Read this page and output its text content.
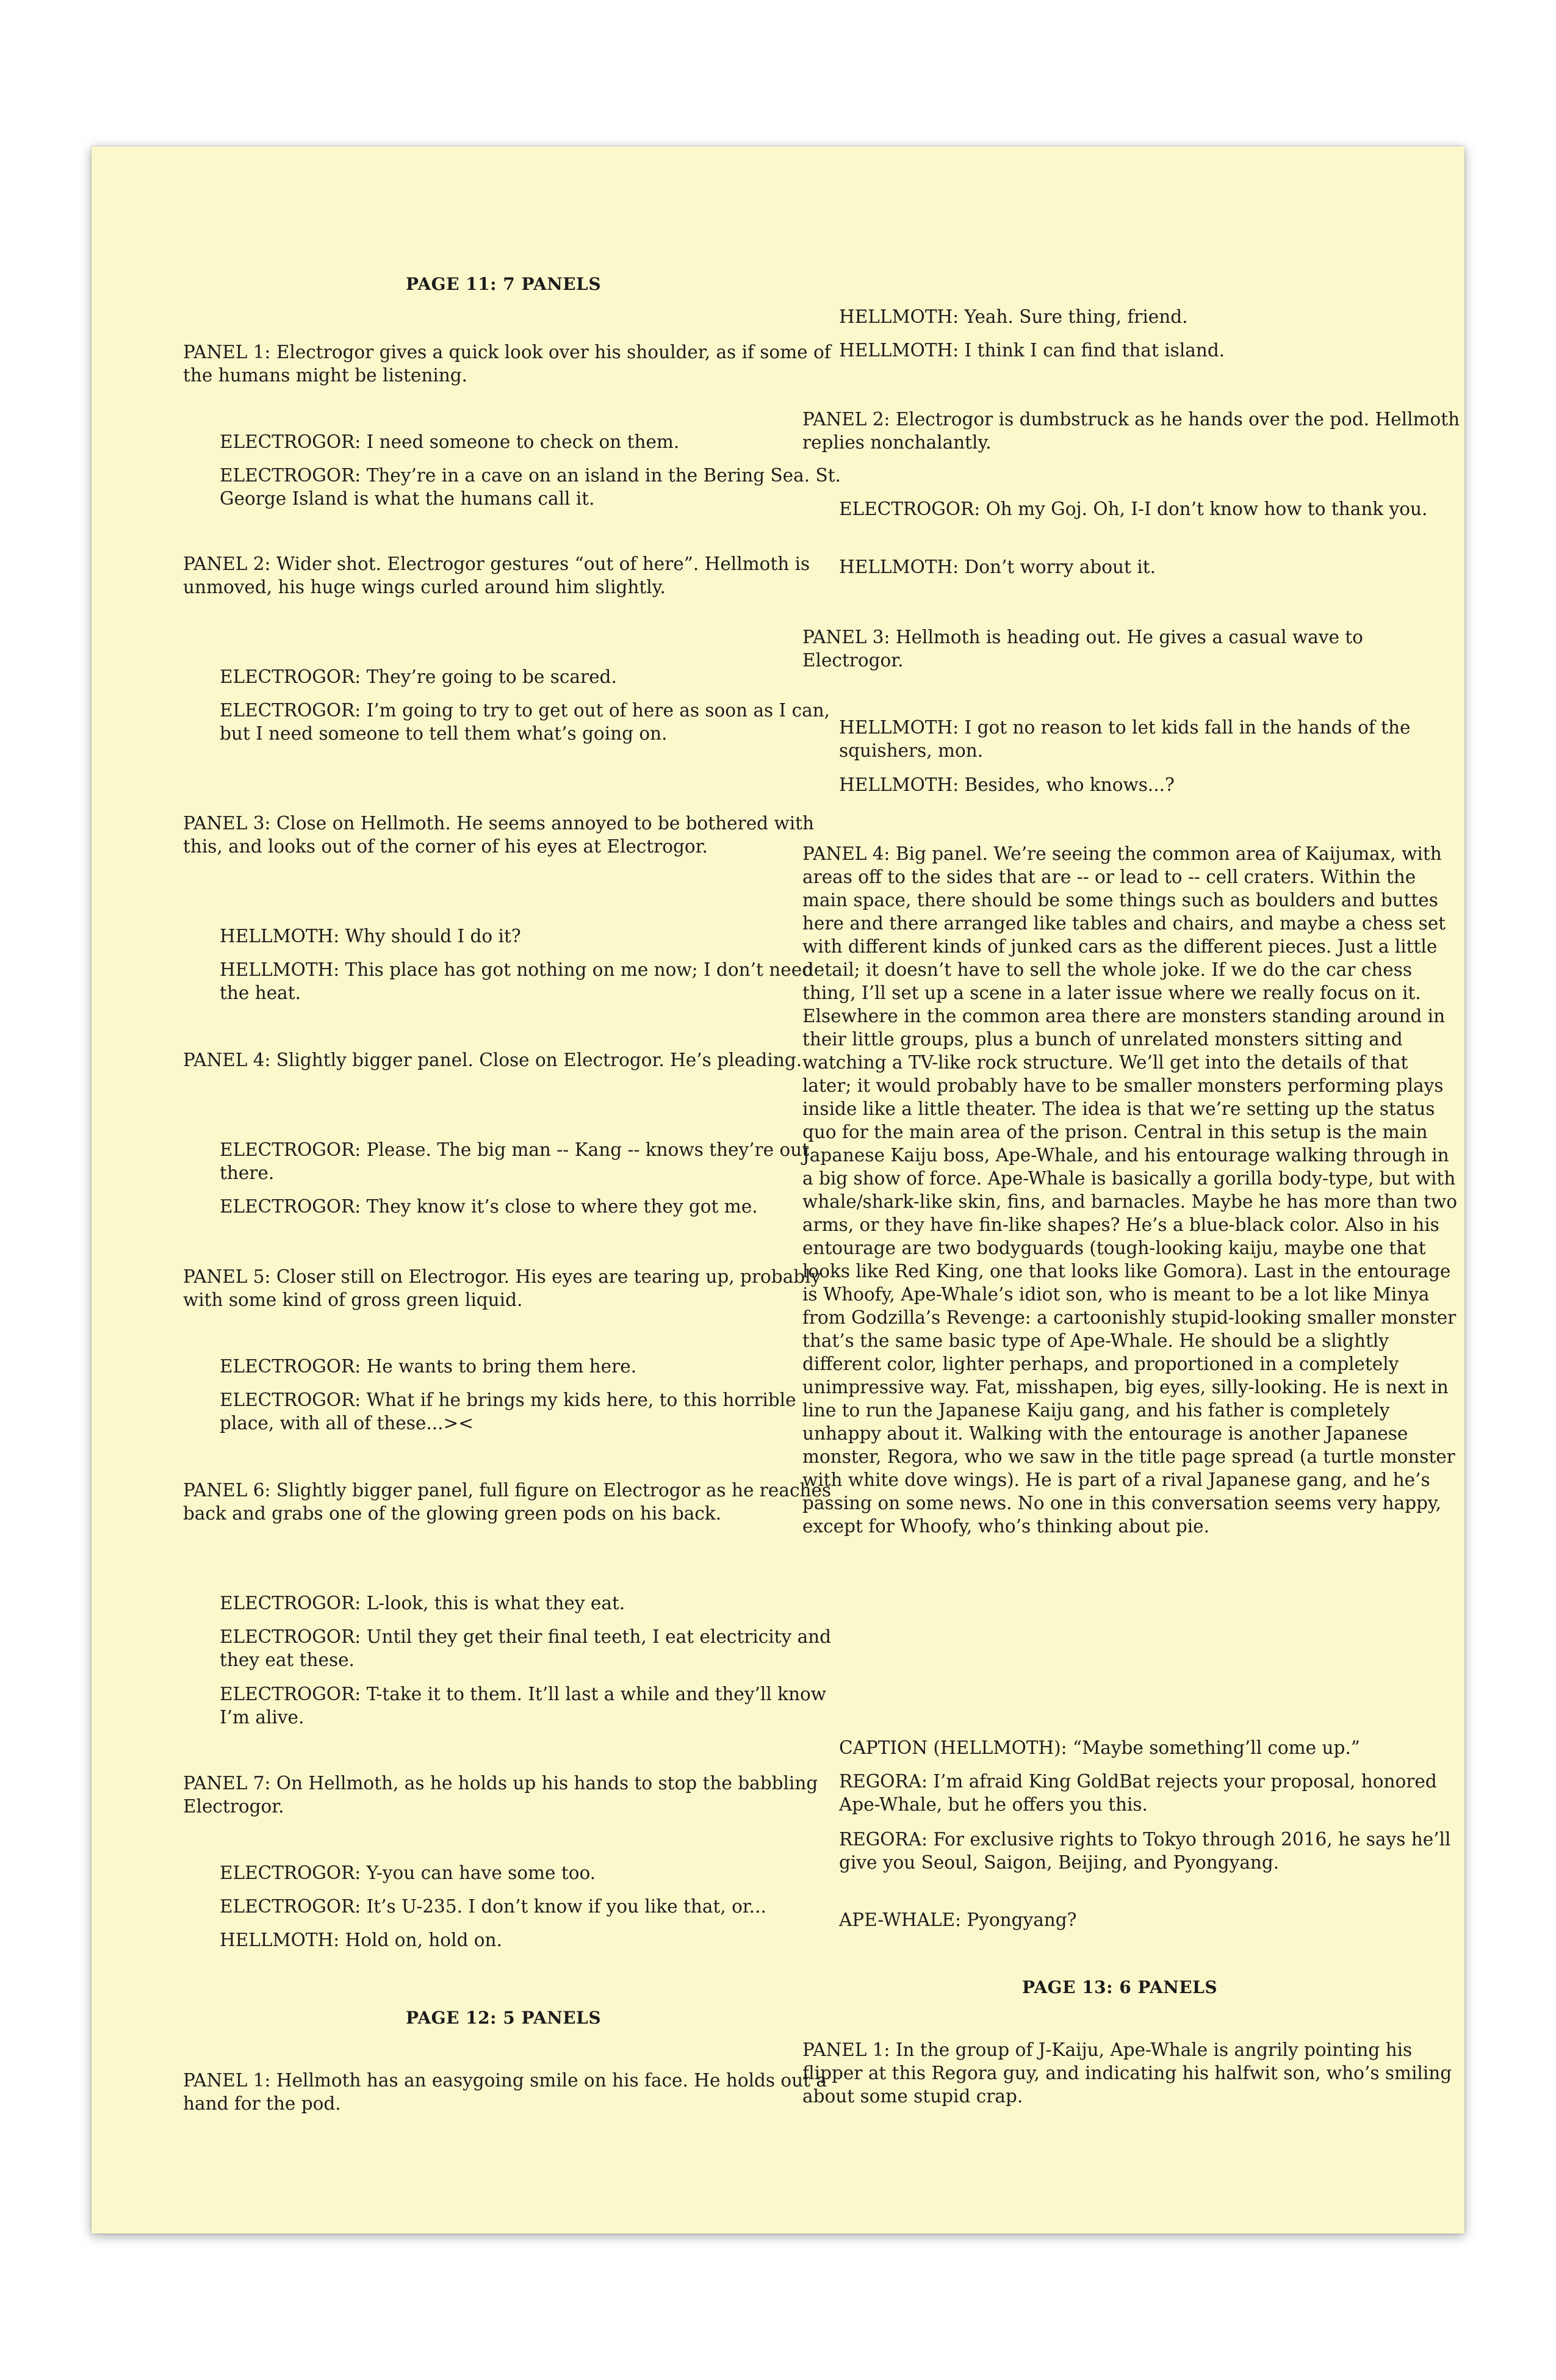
PAGE 11: 7 PANELS

PANEL 1: Electrogor gives a quick look over his shoulder, as if some of the humans might be listening.

ELECTROGOR: I need someone to check on them.

ELECTROGOR: They’re in a cave on an island in the Bering Sea. St. George Island is what the humans call it.

PANEL 2: Wider shot. Electrogor gestures “out of here”. Hellmoth is unmoved, his huge wings curled around him slightly.

ELECTROGOR: They’re going to be scared.

ELECTROGOR: I’m going to try to get out of here as soon as I can, but I need someone to tell them what’s going on.

PANEL 3: Close on Hellmoth. He seems annoyed to be bothered with this, and looks out of the corner of his eyes at Electrogor.

HELLMOTH: Why should I do it?

HELLMOTH: This place has got nothing on me now; I don’t need the heat.

PANEL 4: Slightly bigger panel. Close on Electrogor. He’s pleading.

ELECTROGOR: Please. The big man -- Kang -- knows they’re out there.

ELECTROGOR: They know it’s close to where they got me.

PANEL 5: Closer still on Electrogor. His eyes are tearing up, probably with some kind of gross green liquid.

ELECTROGOR: He wants to bring them here.

ELECTROGOR: What if he brings my kids here, to this horrible place, with all of these...><

PANEL 6: Slightly bigger panel, full figure on Electrogor as he reaches back and grabs one of the glowing green pods on his back.

ELECTROGOR: L-look, this is what they eat.

ELECTROGOR: Until they get their final teeth, I eat electricity and they eat these.

ELECTROGOR: T-take it to them. It’ll last a while and they’ll know I’m alive.

PANEL 7: On Hellmoth, as he holds up his hands to stop the babbling Electrogor.

ELECTROGOR: Y-you can have some too.

ELECTROGOR: It’s U-235. I don’t know if you like that, or...

HELLMOTH: Hold on, hold on.

PAGE 12: 5 PANELS

PANEL 1: Hellmoth has an easygoing smile on his face. He holds out a hand for the pod.

HELLMOTH: Yeah. Sure thing, friend.

HELLMOTH: I think I can find that island.

PANEL 2: Electrogor is dumbstruck as he hands over the pod. Hellmoth replies nonchalantly.

ELECTROGOR: Oh my Goj. Oh, I-I don’t know how to thank you.

HELLMOTH: Don’t worry about it.

PANEL 3: Hellmoth is heading out. He gives a casual wave to Electrogor.

HELLMOTH: I got no reason to let kids fall in the hands of the squishers, mon.

HELLMOTH: Besides, who knows...?

PANEL 4: Big panel. We’re seeing the common area of Kaijumax, with areas off to the sides that are -- or lead to -- cell craters. Within the main space, there should be some things such as boulders and buttes here and there arranged like tables and chairs, and maybe a chess set with different kinds of junked cars as the different pieces. Just a little detail; it doesn’t have to sell the whole joke. If we do the car chess thing, I’ll set up a scene in a later issue where we really focus on it. Elsewhere in the common area there are monsters standing around in their little groups, plus a bunch of unrelated monsters sitting and watching a TV-like rock structure. We’ll get into the details of that later; it would probably have to be smaller monsters performing plays inside like a little theater. The idea is that we’re setting up the status quo for the main area of the prison. Central in this setup is the main Japanese Kaiju boss, Ape-Whale, and his entourage walking through in a big show of force. Ape-Whale is basically a gorilla body-type, but with whale/shark-like skin, fins, and barnacles. Maybe he has more than two arms, or they have fin-like shapes? He’s a blue-black color. Also in his entourage are two bodyguards (tough-looking kaiju, maybe one that looks like Red King, one that looks like Gomora). Last in the entourage is Whoofy, Ape-Whale’s idiot son, who is meant to be a lot like Minya from Godzilla’s Revenge: a cartoonishly stupid-looking smaller monster that’s the same basic type of Ape-Whale. He should be a slightly different color, lighter perhaps, and proportioned in a completely unimpressive way. Fat, misshapen, big eyes, silly-looking. He is next in line to run the Japanese Kaiju gang, and his father is completely unhappy about it. Walking with the entourage is another Japanese monster, Regora, who we saw in the title page spread (a turtle monster with white dove wings). He is part of a rival Japanese gang, and he’s passing on some news. No one in this conversation seems very happy, except for Whoofy, who’s thinking about pie.

CAPTION (HELLMOTH): “Maybe something’ll come up.”

REGORA: I’m afraid King GoldBat rejects your proposal, honored Ape-Whale, but he offers you this.

REGORA: For exclusive rights to Tokyo through 2016, he says he’ll give you Seoul, Saigon, Beijing, and Pyongyang.

APE-WHALE: Pyongyang?

PAGE 13: 6 PANELS

PANEL 1: In the group of J-Kaiju, Ape-Whale is angrily pointing his flipper at this Regora guy, and indicating his halfwit son, who’s smiling about some stupid crap.
